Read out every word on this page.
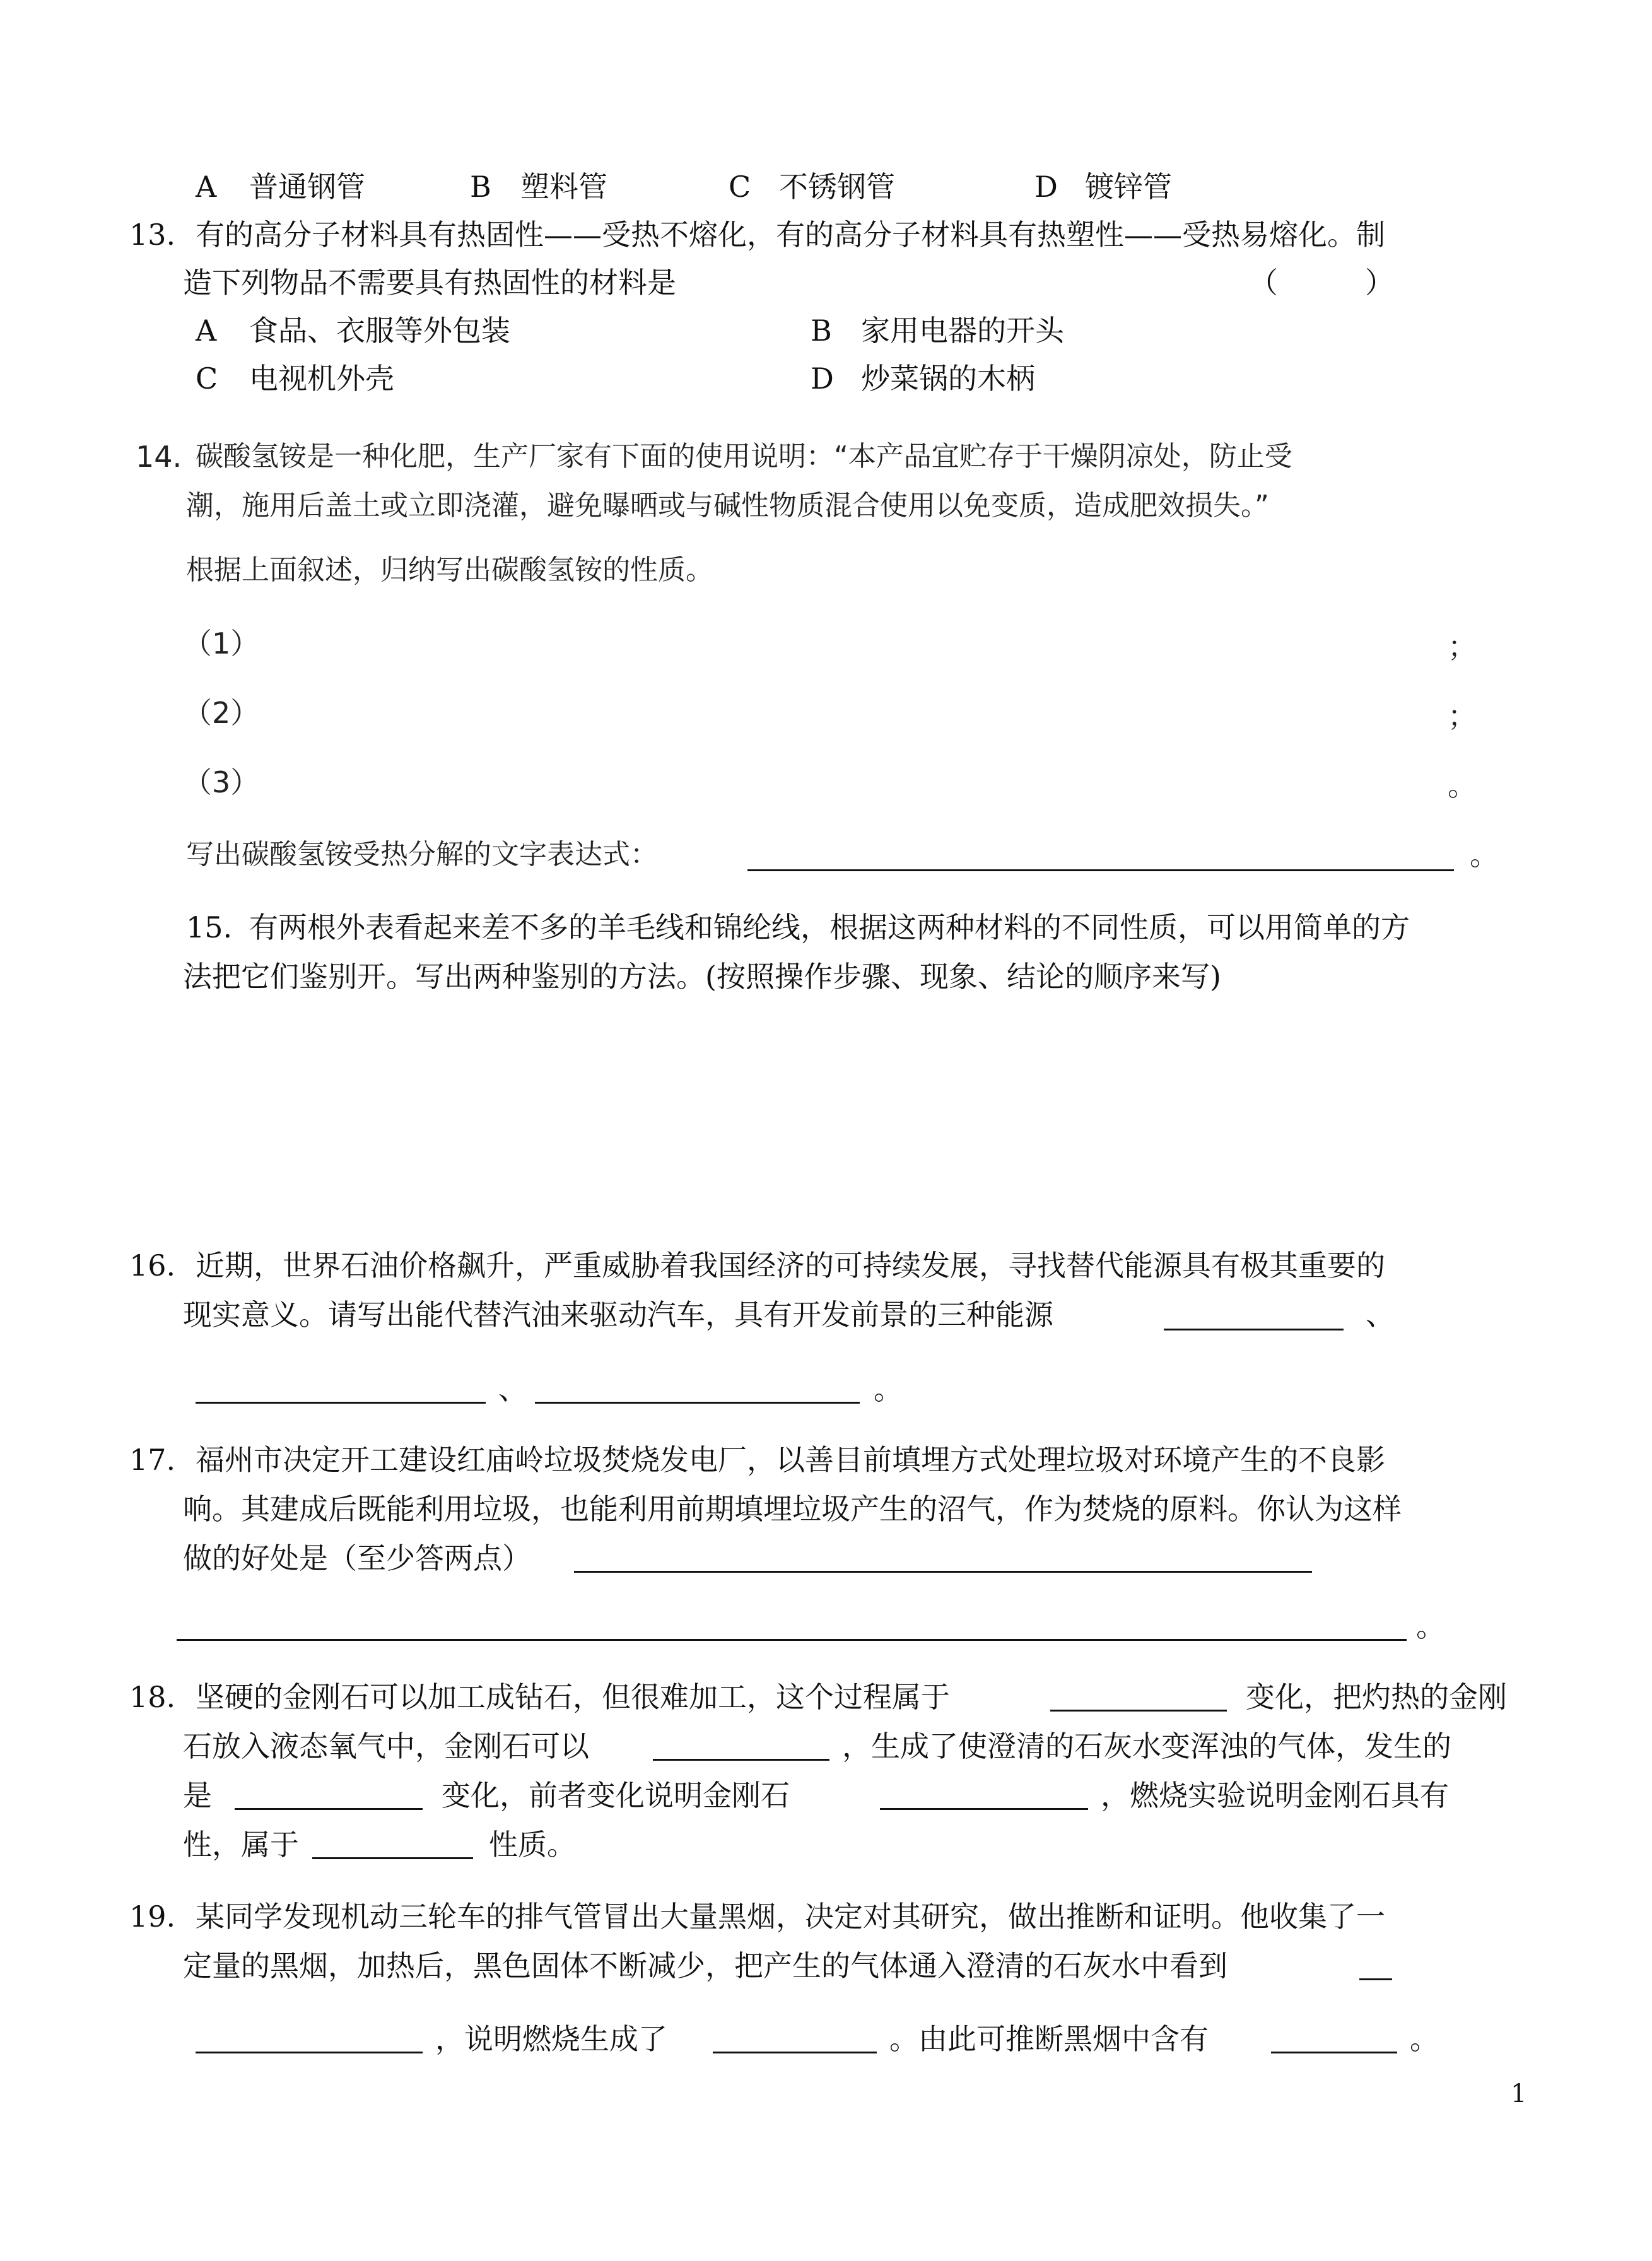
A 普通钢管	B 塑料管	C 不锈钢管	D 镀锌管
13. 有的高分子材料具有热固性——受热不熔化，有的高分子材料具有热塑性——受热易熔化。制
造下列物品不需要具有热固性的材料是	（　　　）
A 食品、衣服等外包装	B 家用电器的开头
C 电视机外壳	D 炒菜锅的木柄
14. 碳酸氢铵是一种化肥，生产厂家有下面的使用说明：“本产品宜贮存于干燥阴凉处，防止受
潮，施用后盖土或立即浇灌，避免曝晒或与碱性物质混合使用以免变质，造成肥效损失。”
根据上面叙述，归纳写出碳酸氢铵的性质。
（1）	；
（2）	；
（3）	。
写出碳酸氢铵受热分解的文字表达式：	。
15. 有两根外表看起来差不多的羊毛线和锦纶线，根据这两种材料的不同性质，可以用简单的方
法把它们鉴别开。写出两种鉴别的方法。(按照操作步骤、现象、结论的顺序来写)
16. 近期，世界石油价格飙升，严重威胁着我国经济的可持续发展，寻找替代能源具有极其重要的
现实意义。请写出能代替汽油来驱动汽车，具有开发前景的三种能源	、
、	。
17. 福州市决定开工建设红庙岭垃圾焚烧发电厂，以善目前填埋方式处理垃圾对环境产生的不良影
响。其建成后既能利用垃圾，也能利用前期填埋垃圾产生的沼气，作为焚烧的原料。你认为这样
做的好处是（至少答两点）
。
18. 坚硬的金刚石可以加工成钻石，但很难加工，这个过程属于	变化，把灼热的金刚
石放入液态氧气中，金刚石可以	，生成了使澄清的石灰水变浑浊的气体，发生的
是	变化，前者变化说明金刚石	，燃烧实验说明金刚石具有
性，属于	性质。
19. 某同学发现机动三轮车的排气管冒出大量黑烟，决定对其研究，做出推断和证明。他收集了一
定量的黑烟，加热后，黑色固体不断减少，把产生的气体通入澄清的石灰水中看到
，说明燃烧生成了	。由此可推断黑烟中含有	。
1
